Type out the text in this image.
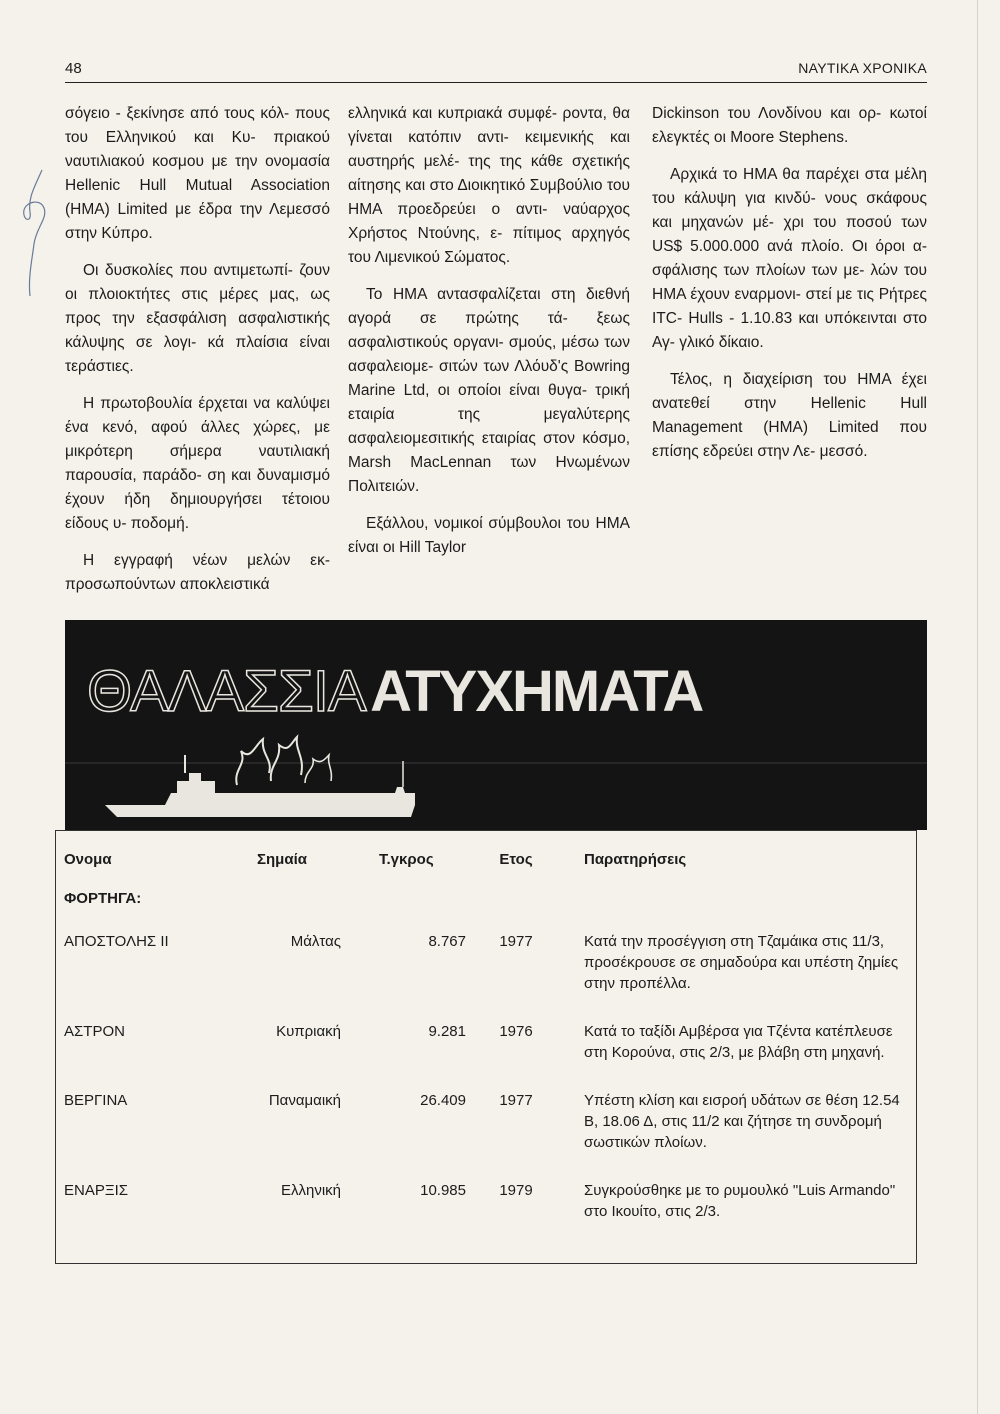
48	ΝΑΥΤΙΚΑ ΧΡΟΝΙΚΑ

σόγειο - ξεκίνησε από τους κόλ- πους του Ελληνικού και Κυ- πριακού ναυτιλιακού κοσμου με την ονομασία Hellenic Hull Mutual Association (HMA) Limited με έδρα την Λεμεσσό στην Κύπρο.

Οι δυσκολίες που αντιμετωπί- ζουν οι πλοιοκτήτες στις μέρες μας, ως προς την εξασφάλιση ασφαλιστικής κάλυψης σε λογι- κά πλαίσια είναι τεράστιες.

Η πρωτοβουλία έρχεται να καλύψει ένα κενό, αφού άλλες χώρες, με μικρότερη σήμερα ναυτιλιακή παρουσία, παράδο- ση και δυναμισμό έχουν ήδη δημιουργήσει τέτοιου είδους υ- ποδομή.

Η εγγραφή νέων μελών εκ- προσωπούντων αποκλειστικά

ελληνικά και κυπριακά συμφέ- ροντα, θα γίνεται κατόπιν αντι- κειμενικής και αυστηρής μελέ- της της κάθε σχετικής αίτησης και στο Διοικητικό Συμβούλιο του HMA προεδρεύει ο αντι- ναύαρχος Χρήστος Ντούνης, ε- πίτιμος αρχηγός του Λιμενικού Σώματος.

Το HMA αντασφαλίζεται στη διεθνή αγορά σε πρώτης τά- ξεως ασφαλιστικούς οργανι- σμούς, μέσω των ασφαλειομε- σιτών των Λλόυδ'ς Bowring Marine Ltd, οι οποίοι είναι θυγα- τρική εταιρία της μεγαλύτερης ασφαλειομεσιτικής εταιρίας στον κόσμο, Marsh MacLennan των Ηνωμένων Πολιτειών.

Εξάλλου, νομικοί σύμβουλοι του HMA είναι οι Hill Taylor

Dickinson του Λονδίνου και ορ- κωτοί ελεγκτές οι Moore Stephens.

Αρχικά το HMA θα παρέχει στα μέλη του κάλυψη για κινδύ- νους σκάφους και μηχανών μέ- χρι του ποσού των US$ 5.000.000 ανά πλοίο. Οι όροι α- σφάλισης των πλοίων των με- λών του HMA έχουν εναρμονι- στεί με τις Ρήτρες ITC- Hulls - 1.10.83 και υπόκεινται στο Αγ- γλικό δίκαιο.

Τέλος, η διαχείριση του HMA έχει ανατεθεί στην Hellenic Hull Management (HMA) Limited που επίσης εδρεύει στην Λε- μεσσό.

ΘΑΛΑΣΣΙΑ ΑΤΥΧΗΜΑΤΑ
Ονομα	Σημαία	Τ.γκρος	Ετος	Παρατηρήσεις
ΦΟΡΤΗΓΑ:				
ΑΠΟΣΤΟΛΗΣ ΙΙ	Μάλτας	8.767	1977	Κατά την προσέγγιση στη Τζαμάικα στις 11/3, προσέκρουσε σε σημαδούρα και υπέστη ζημίες στην προπέλλα.
ΑΣΤΡΟΝ	Κυπριακή	9.281	1976	Κατά το ταξίδι Αμβέρσα για Τζέντα κατέπλευσε στη Κορούνα, στις 2/3, με βλάβη στη μηχανή.
ΒΕΡΓΙΝΑ	Παναμαική	26.409	1977	Υπέστη κλίση και εισροή υδάτων σε θέση 12.54 Β, 18.06 Δ, στις 11/2 και ζήτησε τη συνδρομή σωστικών πλοίων.
ΕΝΑΡΞΙΣ	Ελληνική	10.985	1979	Συγκρούσθηκε με το ρυμουλκό "Luis Armando" στο Ικουίτο, στις 2/3.
